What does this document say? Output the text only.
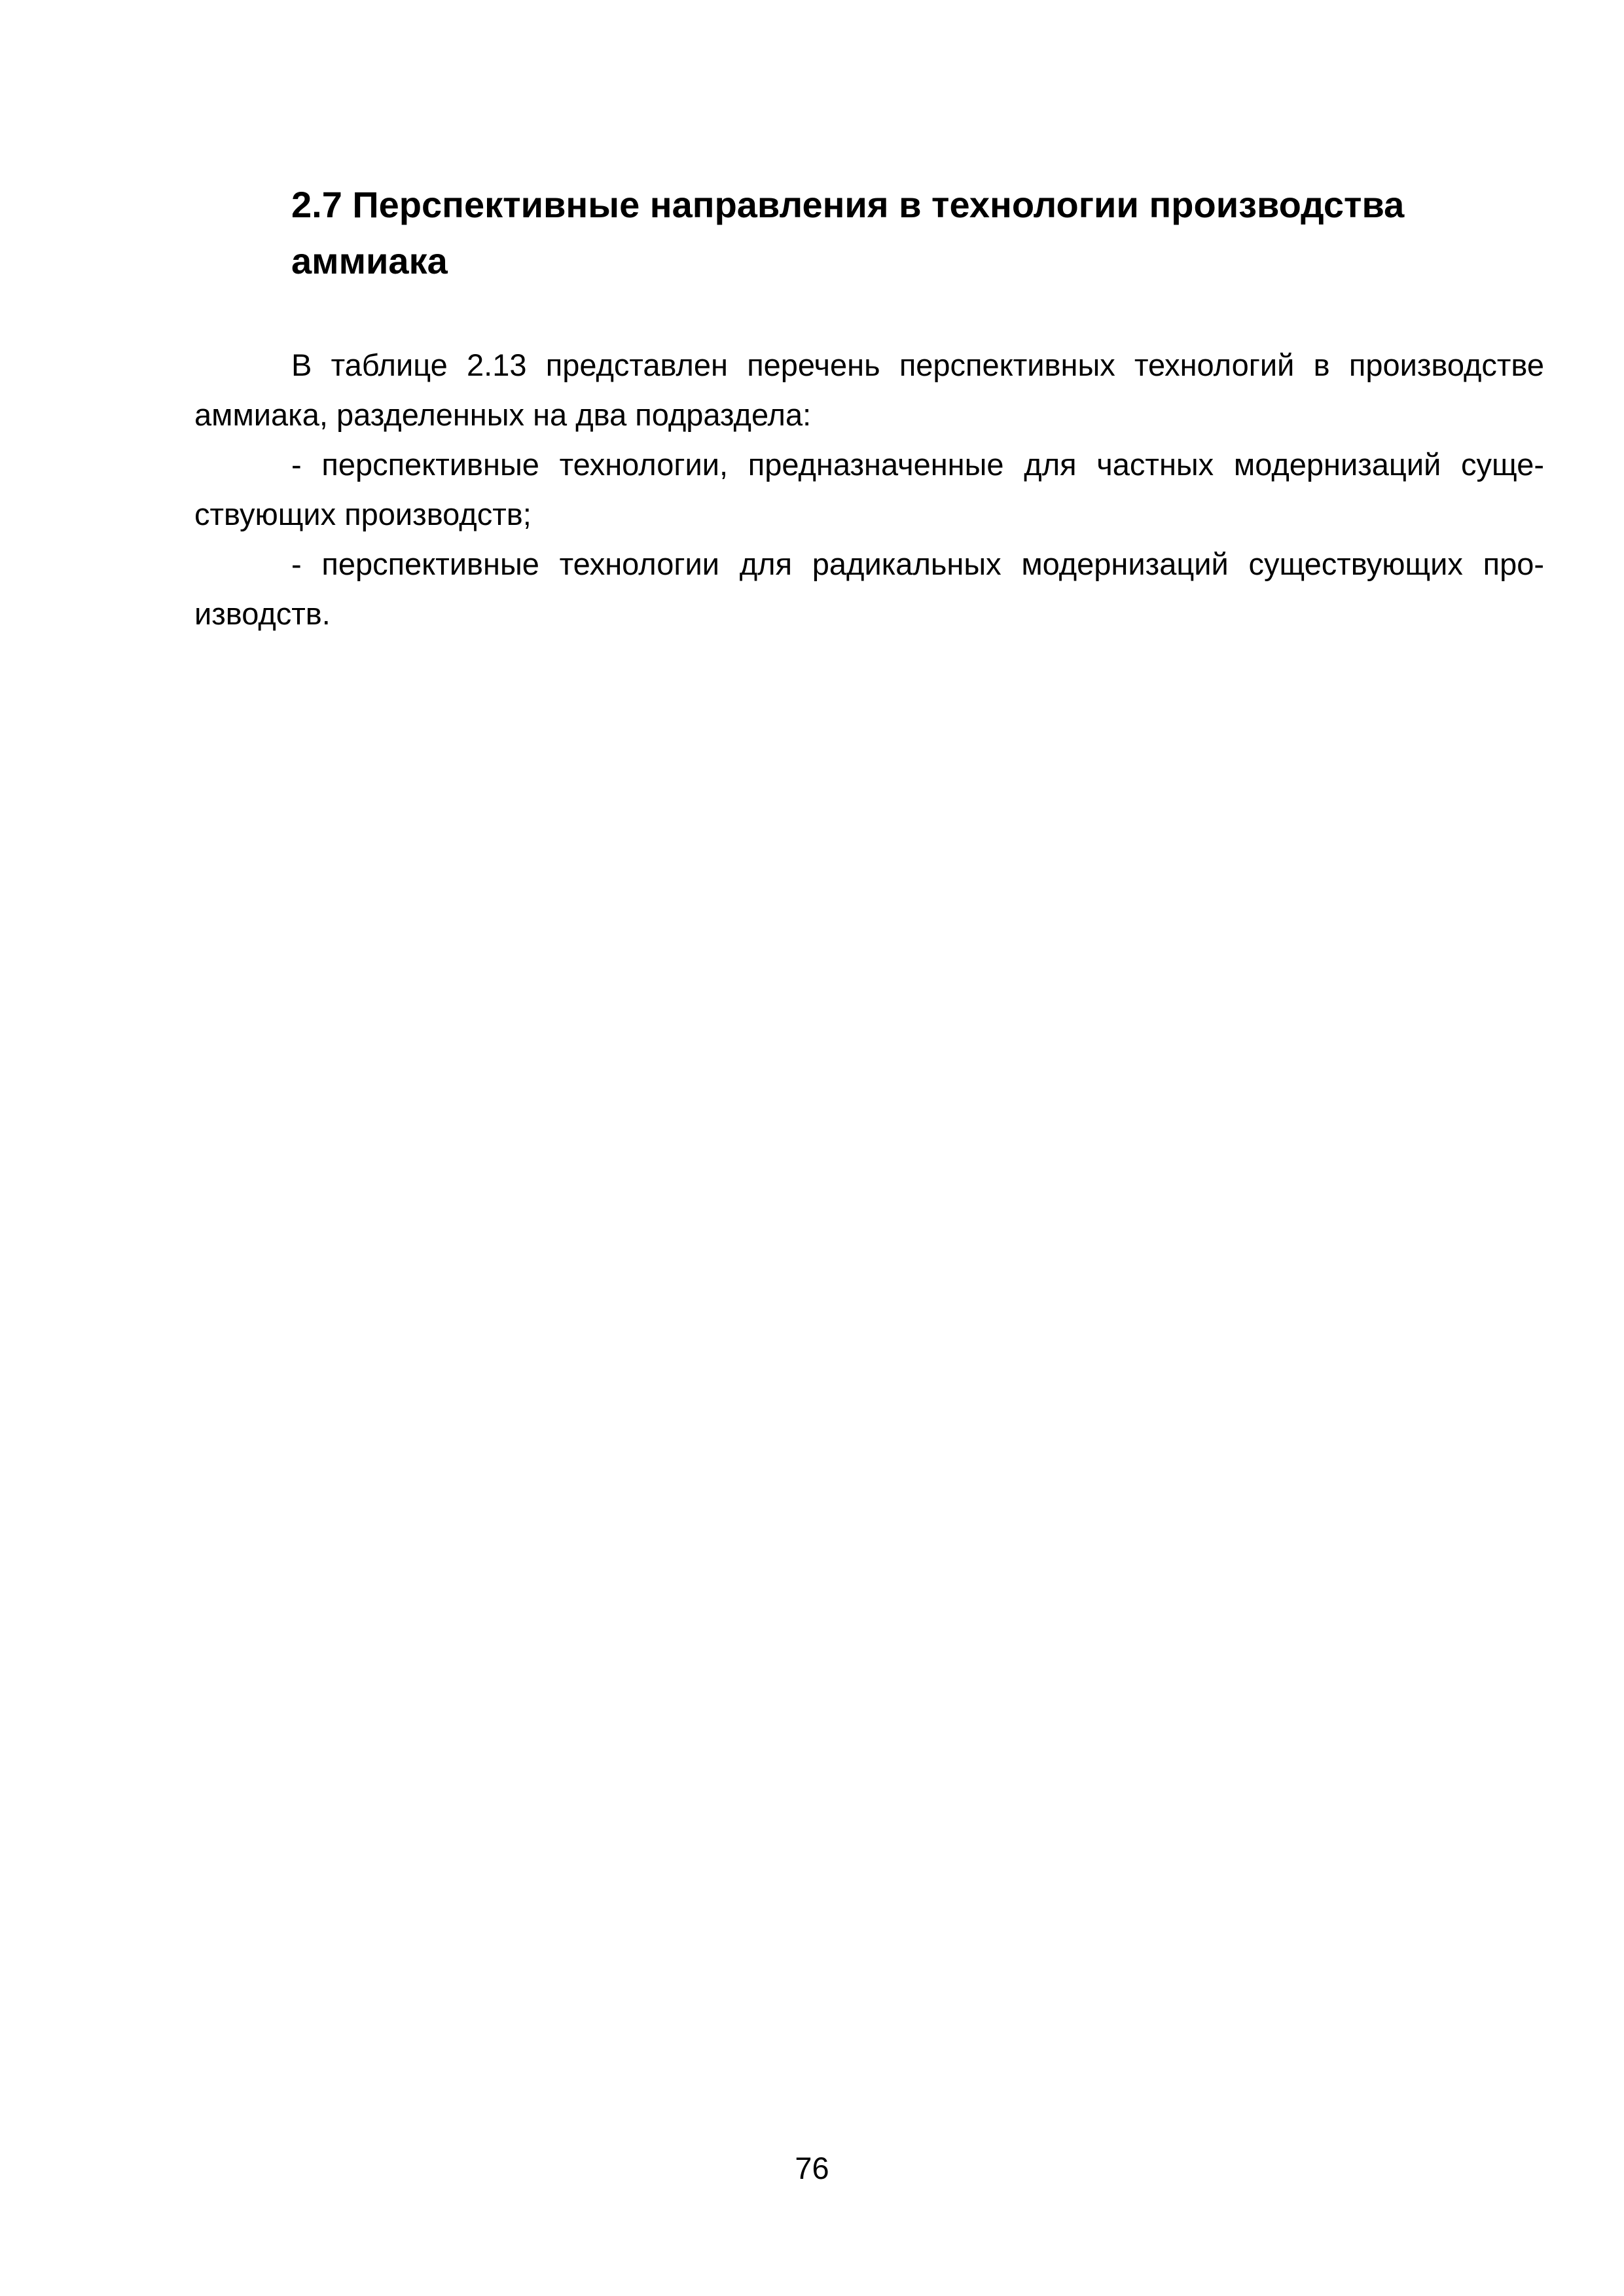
2.7 Перспективные направления в технологии производства аммиака

В таблице 2.13 представлен перечень перспективных технологий в производстве аммиака, разделенных на два подраздела:

- перспективные технологии, предназначенные для частных модернизаций существующих производств;

- перспективные технологии для радикальных модернизаций существующих производств.

76
